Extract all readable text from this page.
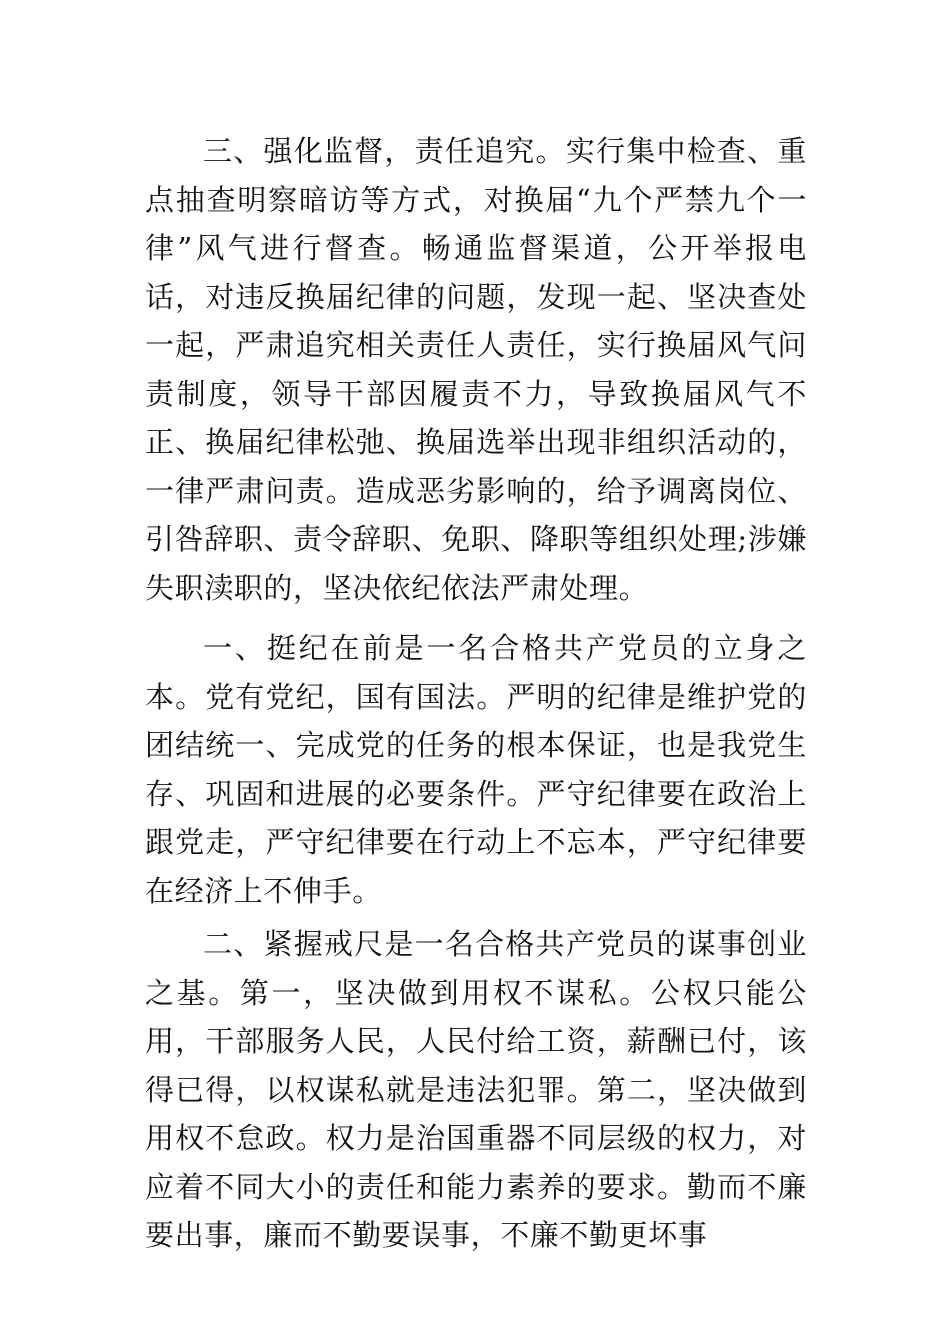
三、强化监督，责任追究。实行集中检查、重点抽查明察暗访等方式，对换届“九个严禁九个一律”风气进行督查。畅通监督渠道，公开举报电话，对违反换届纪律的问题，发现一起、坚决查处一起，严肃追究相关责任人责任，实行换届风气问责制度，领导干部因履责不力，导致换届风气不正、换届纪律松弛、换届选举出现非组织活动的，一律严肃问责。造成恶劣影响的，给予调离岗位、引咎辞职、责令辞职、免职、降职等组织处理;涉嫌失职渎职的，坚决依纪依法严肃处理。

一、挺纪在前是一名合格共产党员的立身之本。党有党纪，国有国法。严明的纪律是维护党的团结统一、完成党的任务的根本保证，也是我党生存、巩固和进展的必要条件。严守纪律要在政治上跟党走，严守纪律要在行动上不忘本，严守纪律要在经济上不伸手。

二、紧握戒尺是一名合格共产党员的谋事创业之基。第一，坚决做到用权不谋私。公权只能公用，干部服务人民，人民付给工资，薪酬已付，该得已得，以权谋私就是违法犯罪。第二，坚决做到用权不怠政。权力是治国重器不同层级的权力，对应着不同大小的责任和能力素养的要求。勤而不廉要出事，廉而不勤要误事，不廉不勤更坏事
